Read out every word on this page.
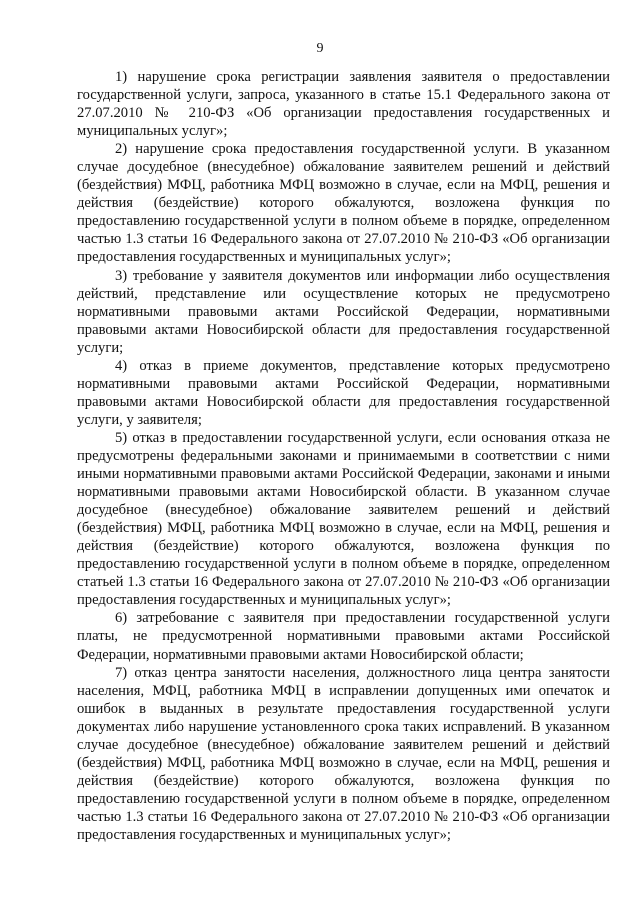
9

1) нарушение срока регистрации заявления заявителя о предоставлении государственной услуги, запроса, указанного в статье 15.1 Федерального закона от 27.07.2010 № 210-ФЗ «Об организации предоставления государственных и муниципальных услуг»;

2) нарушение срока предоставления государственной услуги. В указанном случае досудебное (внесудебное) обжалование заявителем решений и действий (бездействия) МФЦ, работника МФЦ возможно в случае, если на МФЦ, решения и действия (бездействие) которого обжалуются, возложена функция по предоставлению государственной услуги в полном объеме в порядке, определенном частью 1.3 статьи 16 Федерального закона от 27.07.2010 № 210-ФЗ «Об организации предоставления государственных и муниципальных услуг»;

3) требование у заявителя документов или информации либо осуществления действий, представление или осуществление которых не предусмотрено нормативными правовыми актами Российской Федерации, нормативными правовыми актами Новосибирской области для предоставления государственной услуги;

4) отказ в приеме документов, представление которых предусмотрено нормативными правовыми актами Российской Федерации, нормативными правовыми актами Новосибирской области для предоставления государственной услуги, у заявителя;

5) отказ в предоставлении государственной услуги, если основания отказа не предусмотрены федеральными законами и принимаемыми в соответствии с ними иными нормативными правовыми актами Российской Федерации, законами и иными нормативными правовыми актами Новосибирской области. В указанном случае досудебное (внесудебное) обжалование заявителем решений и действий (бездействия) МФЦ, работника МФЦ возможно в случае, если на МФЦ, решения и действия (бездействие) которого обжалуются, возложена функция по предоставлению государственной услуги в полном объеме в порядке, определенном статьей 1.3 статьи 16 Федерального закона от 27.07.2010 № 210-ФЗ «Об организации предоставления государственных и муниципальных услуг»;

6) затребование с заявителя при предоставлении государственной услуги платы, не предусмотренной нормативными правовыми актами Российской Федерации, нормативными правовыми актами Новосибирской области;

7) отказ центра занятости населения, должностного лица центра занятости населения, МФЦ, работника МФЦ в исправлении допущенных ими опечаток и ошибок в выданных в результате предоставления государственной услуги документах либо нарушение установленного срока таких исправлений. В указанном случае досудебное (внесудебное) обжалование заявителем решений и действий (бездействия) МФЦ, работника МФЦ возможно в случае, если на МФЦ, решения и действия (бездействие) которого обжалуются, возложена функция по предоставлению государственной услуги в полном объеме в порядке, определенном частью 1.3 статьи 16 Федерального закона от 27.07.2010 № 210-ФЗ «Об организации предоставления государственных и муниципальных услуг»;
